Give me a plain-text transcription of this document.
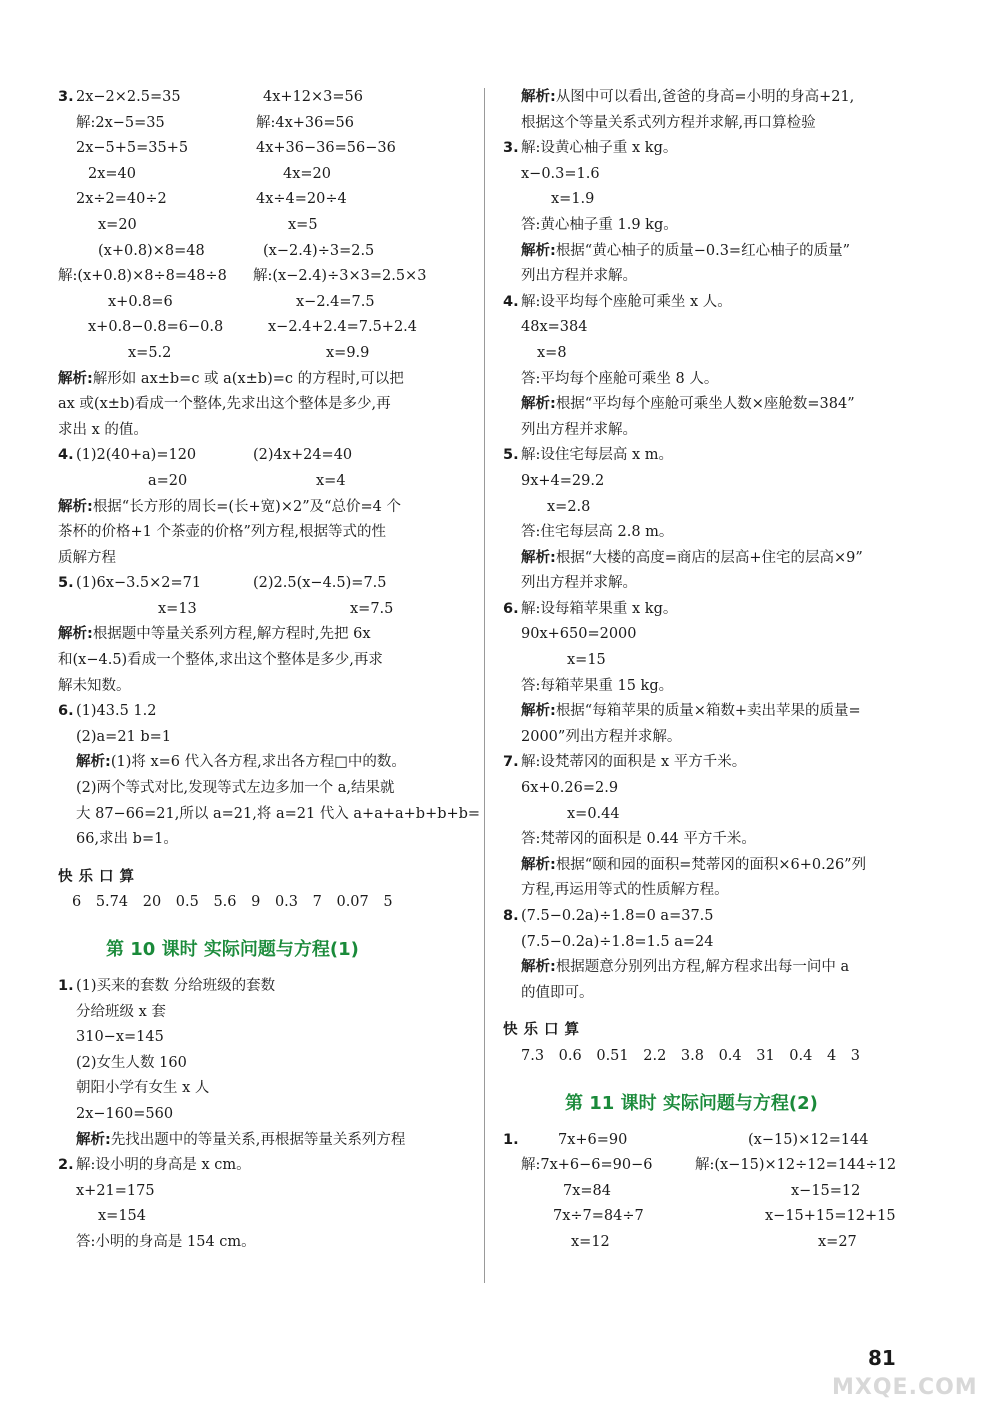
3. 2x−2×2.5=35	4x+12×3=56
解:2x−5=35	解:4x+36=56
2x−5+5=35+5	4x+36−36=56−36
2x=40	4x=20
2x÷2=40÷2	4x÷4=20÷4
x=20	x=5
(x+0.8)×8=48	(x−2.4)÷3=2.5
解:(x+0.8)×8÷8=48÷8 解:(x−2.4)÷3×3=2.5×3
x+0.8=6	x−2.4=7.5
x+0.8−0.8=6−0.8	x−2.4+2.4=7.5+2.4
x=5.2	x=9.9
解析:解形如 ax±b=c 或 a(x±b)=c 的方程时,可以把
ax 或(x±b)看成一个整体,先求出这个整体是多少,再
求出 x 的值。
4. (1)2(40+a)=120	(2)4x+24=40
a=20	x=4
解析:根据“长方形的周长=(长+宽)×2”及“总价=4 个
茶杯的价格+1 个茶壶的价格”列方程,根据等式的性
质解方程
5. (1)6x−3.5×2=71	(2)2.5(x−4.5)=7.5
x=13	x=7.5
解析:根据题中等量关系列方程,解方程时,先把 6x
和(x−4.5)看成一个整体,求出这个整体是多少,再求
解未知数。
6. (1)43.5 1.2
(2)a=21 b=1
解析:(1)将 x=6 代入各方程,求出各方程□中的数。
(2)两个等式对比,发现等式左边多加一个 a,结果就
大 87−66=21,所以 a=21,将 a=21 代入 a+a+a+b+b+b=
66,求出 b=1。
快乐口算
6 5.74 20 0.5 5.6 9 0.3 7 0.07 5
第 10 课时 实际问题与方程(1)
1. (1)买来的套数 分给班级的套数
分给班级 x 套
310−x=145
(2)女生人数 160
朝阳小学有女生 x 人
2x−160=560
解析:先找出题中的等量关系,再根据等量关系列方程
2. 解:设小明的身高是 x cm。
x+21=175
x=154
答:小明的身高是 154 cm。
解析:从图中可以看出,爸爸的身高=小明的身高+21,
根据这个等量关系式列方程并求解,再口算检验
3. 解:设黄心柚子重 x kg。
x−0.3=1.6
x=1.9
答:黄心柚子重 1.9 kg。
解析:根据“黄心柚子的质量−0.3=红心柚子的质量”
列出方程并求解。
4. 解:设平均每个座舱可乘坐 x 人。
48x=384
x=8
答:平均每个座舱可乘坐 8 人。
解析:根据“平均每个座舱可乘坐人数×座舱数=384”
列出方程并求解。
5. 解:设住宅每层高 x m。
9x+4=29.2
x=2.8
答:住宅每层高 2.8 m。
解析:根据“大楼的高度=商店的层高+住宅的层高×9”
列出方程并求解。
6. 解:设每箱苹果重 x kg。
90x+650=2000
x=15
答:每箱苹果重 15 kg。
解析:根据“每箱苹果的质量×箱数+卖出苹果的质量=
2000”列出方程并求解。
7. 解:设梵蒂冈的面积是 x 平方千米。
6x+0.26=2.9
x=0.44
答:梵蒂冈的面积是 0.44 平方千米。
解析:根据“颐和园的面积=梵蒂冈的面积×6+0.26”列
方程,再运用等式的性质解方程。
8. (7.5−0.2a)÷1.8=0 a=37.5
(7.5−0.2a)÷1.8=1.5 a=24
解析:根据题意分别列出方程,解方程求出每一问中 a
的值即可。
快乐口算
7.3 0.6 0.51 2.2 3.8 0.4 31 0.4 4 3
第 11 课时 实际问题与方程(2)
1.	7x+6=90	(x−15)×12=144
解:7x+6−6=90−6	解:(x−15)×12÷12=144÷12
7x=84	x−15=12
7x÷7=84÷7	x−15+15=12+15
x=12	x=27
MXQE.COM
81
